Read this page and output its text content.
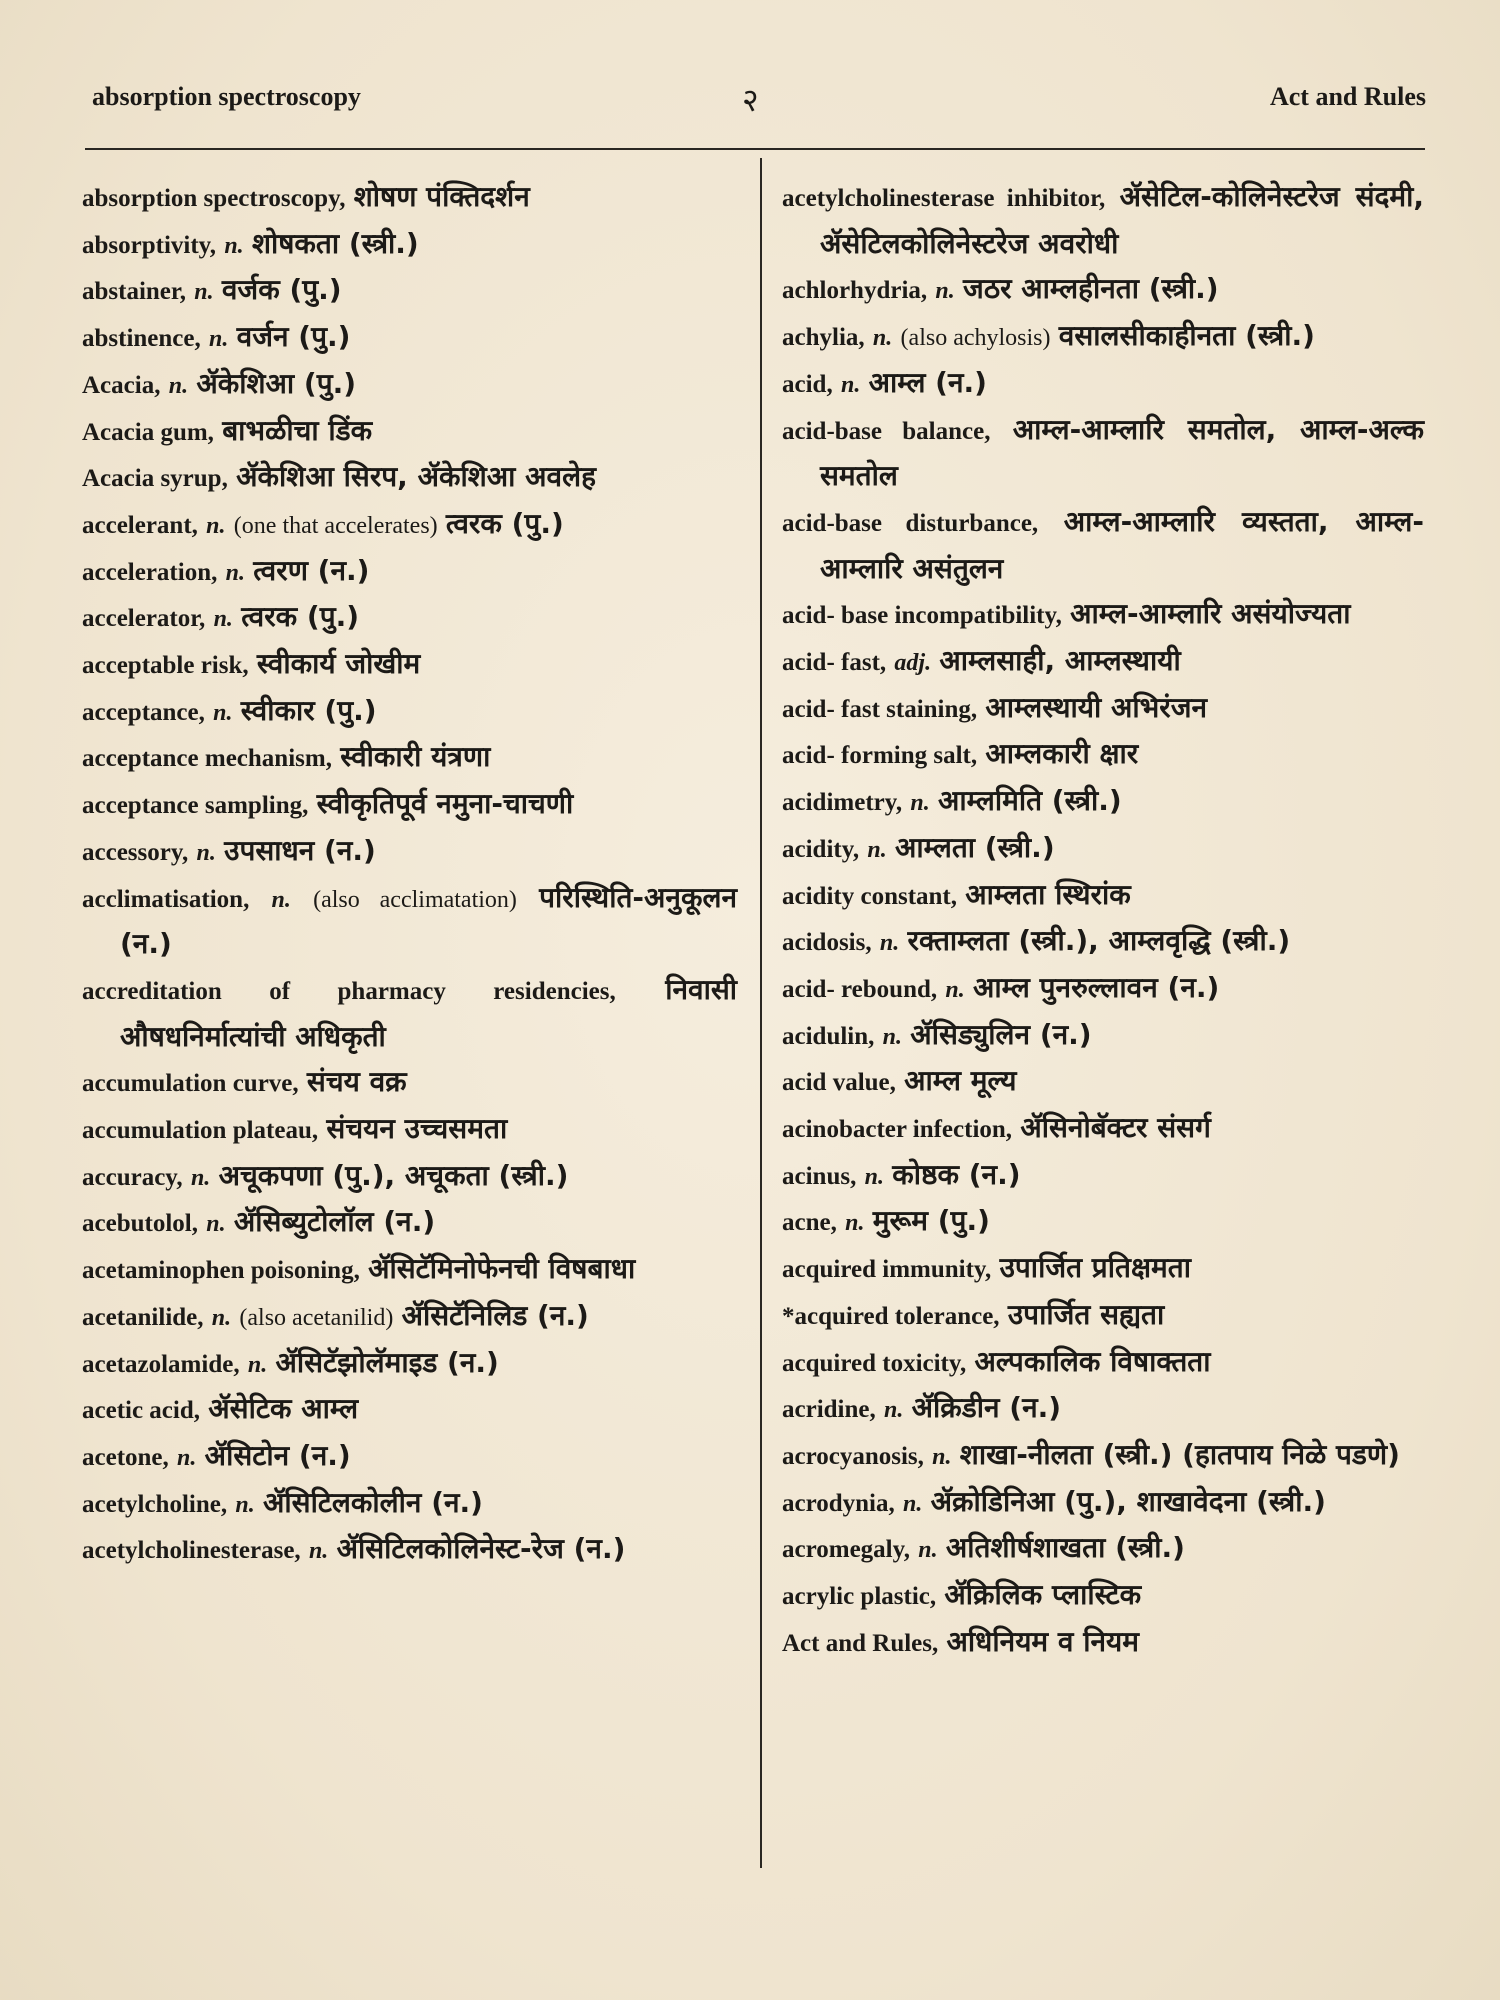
absorption spectroscopy	२	Act and Rules
absorption spectroscopy, शोषण पंक्तिदर्शन
absorptivity, n. शोषकता (स्त्री.)
abstainer, n. वर्जक (पु.)
abstinence, n. वर्जन (पु.)
Acacia, n. ॲकेशिआ (पु.)
Acacia gum, बाभळीचा डिंक
Acacia syrup, ॲकेशिआ सिरप, ॲकेशिआ अवलेह
accelerant, n. (one that accelerates) त्वरक (पु.)
acceleration, n. त्वरण (न.)
accelerator, n. त्वरक (पु.)
acceptable risk, स्वीकार्य जोखीम
acceptance, n. स्वीकार (पु.)
acceptance mechanism, स्वीकारी यंत्रणा
acceptance sampling, स्वीकृतिपूर्व नमुना-चाचणी
accessory, n. उपसाधन (न.)
acclimatisation, n. (also acclimatation) परिस्थिति-अनुकूलन (न.)
accreditation of pharmacy residencies, निवासी औषधनिर्मात्यांची अधिकृती
accumulation curve, संचय वक्र
accumulation plateau, संचयन उच्चसमता
accuracy, n. अचूकपणा (पु.), अचूकता (स्त्री.)
acebutolol, n. ॲसिब्युटोलॉल (न.)
acetaminophen poisoning, ॲसिटॅमिनोफेनची विषबाधा
acetanilide, n. (also acetanilid) ॲसिटॅनिलिड (न.)
acetazolamide, n. ॲसिटॅझोलॅमाइड (न.)
acetic acid, ॲसेटिक आम्ल
acetone, n. ॲसिटोन (न.)
acetylcholine, n. ॲसिटिलकोलीन (न.)
acetylcholinesterase, n. ॲसिटिलकोलिनेस्ट-रेज (न.)
acetylcholinesterase inhibitor, ॲसेटिल-कोलिनेस्टरेज संदमी, ॲसेटिलकोलिनेस्टरेज अवरोधी
achlorhydria, n. जठर आम्लहीनता (स्त्री.)
achylia, n. (also achylosis) वसालसीकाहीनता (स्त्री.)
acid, n. आम्ल (न.)
acid-base balance, आम्ल-आम्लारि समतोल, आम्ल-अल्क समतोल
acid-base disturbance, आम्ल-आम्लारि व्यस्तता, आम्ल-आम्लारि असंतुलन
acid- base incompatibility, आम्ल-आम्लारि असंयोज्यता
acid- fast, adj. आम्लसाही, आम्लस्थायी
acid- fast staining, आम्लस्थायी अभिरंजन
acid- forming salt, आम्लकारी क्षार
acidimetry, n. आम्लमिति (स्त्री.)
acidity, n. आम्लता (स्त्री.)
acidity constant, आम्लता स्थिरांक
acidosis, n. रक्ताम्लता (स्त्री.), आम्लवृद्धि (स्त्री.)
acid- rebound, n. आम्ल पुनरुल्लावन (न.)
acidulin, n. ॲसिड्युलिन (न.)
acid value, आम्ल मूल्य
acinobacter infection, ॲसिनोबॅक्टर संसर्ग
acinus, n. कोष्ठक (न.)
acne, n. मुरूम (पु.)
acquired immunity, उपार्जित प्रतिक्षमता
*acquired tolerance, उपार्जित सह्यता
acquired toxicity, अल्पकालिक विषाक्तता
acridine, n. ॲक्रिडीन (न.)
acrocyanosis, n. शाखा-नीलता (स्त्री.) (हातपाय निळे पडणे)
acrodynia, n. ॲक्रोडिनिआ (पु.), शाखावेदना (स्त्री.)
acromegaly, n. अतिशीर्षशाखता (स्त्री.)
acrylic plastic, ॲक्रिलिक प्लास्टिक
Act and Rules, अधिनियम व नियम
